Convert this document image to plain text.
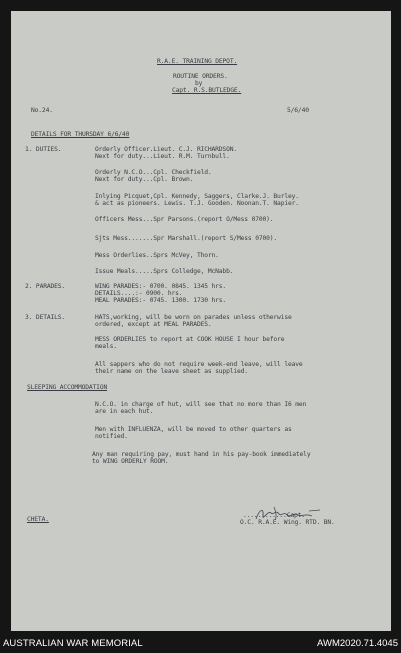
R.A.E. TRAINING DEPOT.
ROUTINE ORDERS.
by
Capt. R.S.BUTLEDGE.
No.24.	5/6/40
DETAILS FOR THURSDAY 6/6/40
1. DUTIES.	Orderly Officer.Lieut. C.J. RICHARDSON.
Next for duty...Lieut. R.M. Turnbull.
Orderly N.C.O...Cpl. Checkfield.
Next for duty...Cpl. Brown.
Inlying Picquet,Cpl. Kennedy, Saggers, Clarke.J. Burley.
& act as pioneers. Lewis. T.J. Gooden. Noonan.T. Napier.
Officers Mess...Spr Parsons.(report O/Mess 0700).
Sjts Mess.......Spr Marshall.(report S/Mess 0700).
Mess Orderlies..Sprs McVey, Thorn.
Issue Meals.....Sprs Colledge, McNabb.
2. PARADES.	WING PARADES:- 0700. 0845. 1345 hrs.
DETAILS....:- 0900. hrs.
MEAL PARADES:- 0745. 1300. 1730 hrs.
3. DETAILS.	HATS,working, will be worn on parades unless otherwise
ordered, except at MEAL PARADES.
MESS ORDERLIES to report at COOK HOUSE I hour before
meals.
All sappers who do not require week-end leave, will leave
their name on the leave sheet as supplied.
SLEEPING ACCOMMODATION
N.C.O. in charge of hut, will see that no more than I6 men
are in each hut.
Men with INFLUENZA, will be moved to other quarters as
notified.
Any man requiring pay, must hand in his pay-book immediately
to WING ORDERLY ROOM.
............Capt.
O.C. R.A.E. Wing. RTD. BN.
CHETA.
AUSTRALIAN WAR MEMORIAL	AWM2020.71.4045
